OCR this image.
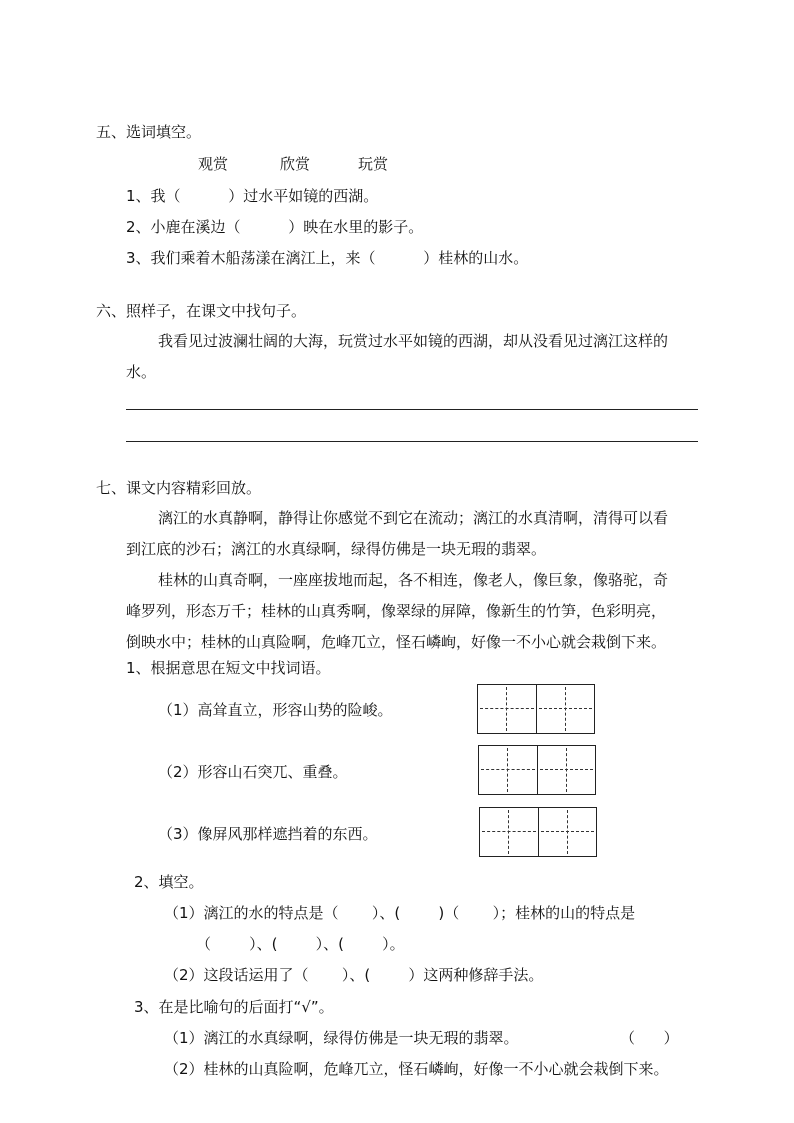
五、选词填空。
观赏	欣赏	玩赏
1、我（          ）过水平如镜的西湖。
2、小鹿在溪边（          ）映在水里的影子。
3、我们乘着木船荡漾在漓江上，来（          ）桂林的山水。
六、照样子，在课文中找句子。
我看见过波澜壮阔的大海，玩赏过水平如镜的西湖，却从没看见过漓江这样的
水。
七、课文内容精彩回放。
漓江的水真静啊，静得让你感觉不到它在流动；漓江的水真清啊，清得可以看
到江底的沙石；漓江的水真绿啊，绿得仿佛是一块无瑕的翡翠。
桂林的山真奇啊，一座座拔地而起，各不相连，像老人，像巨象，像骆驼，奇
峰罗列，形态万千；桂林的山真秀啊，像翠绿的屏障，像新生的竹笋，色彩明亮，
倒映水中；桂林的山真险啊，危峰兀立，怪石嶙峋，好像一不小心就会栽倒下来。
1、根据意思在短文中找词语。
（1）高耸直立，形容山势的险峻。
（2）形容山石突兀、重叠。
（3）像屏风那样遮挡着的东西。
2、填空。
（1）漓江的水的特点是（       ）、(        )（       ）；桂林的山的特点是
（        ）、(        ）、(        ）。
（2）这段话运用了（       ）、(        ）这两种修辞手法。
3、在是比喻句的后面打“√”。
（1）漓江的水真绿啊，绿得仿佛是一块无瑕的翡翠。	（      ）
（2）桂林的山真险啊，危峰兀立，怪石嶙峋，好像一不小心就会栽倒下来。
